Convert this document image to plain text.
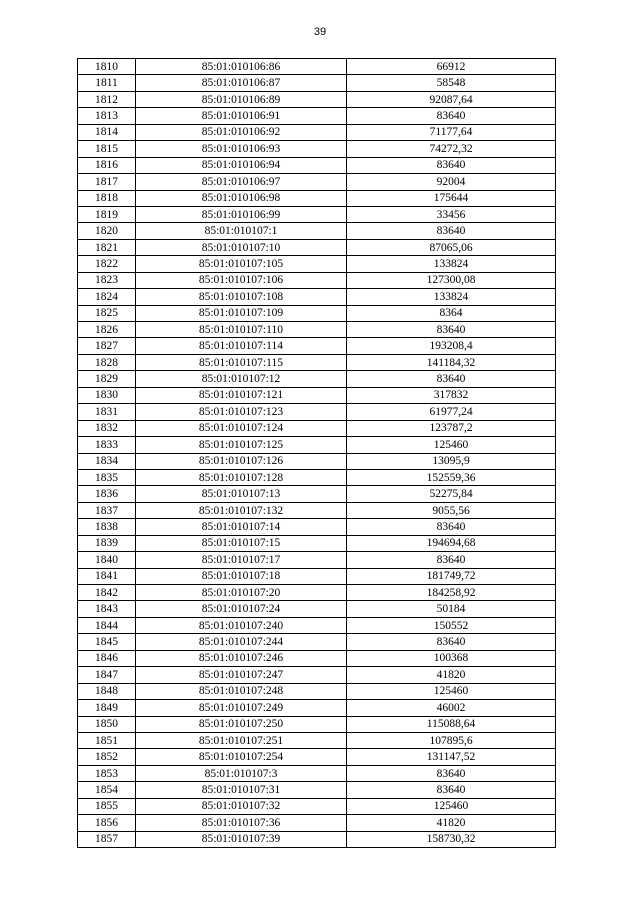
39
1810	85:01:010106:86	66912
1811	85:01:010106:87	58548
1812	85:01:010106:89	92087,64
1813	85:01:010106:91	83640
1814	85:01:010106:92	71177,64
1815	85:01:010106:93	74272,32
1816	85:01:010106:94	83640
1817	85:01:010106:97	92004
1818	85:01:010106:98	175644
1819	85:01:010106:99	33456
1820	85:01:010107:1	83640
1821	85:01:010107:10	87065,06
1822	85:01:010107:105	133824
1823	85:01:010107:106	127300,08
1824	85:01:010107:108	133824
1825	85:01:010107:109	8364
1826	85:01:010107:110	83640
1827	85:01:010107:114	193208,4
1828	85:01:010107:115	141184,32
1829	85:01:010107:12	83640
1830	85:01:010107:121	317832
1831	85:01:010107:123	61977,24
1832	85:01:010107:124	123787,2
1833	85:01:010107:125	125460
1834	85:01:010107:126	13095,9
1835	85:01:010107:128	152559,36
1836	85:01:010107:13	52275,84
1837	85:01:010107:132	9055,56
1838	85:01:010107:14	83640
1839	85:01:010107:15	194694,68
1840	85:01:010107:17	83640
1841	85:01:010107:18	181749,72
1842	85:01:010107:20	184258,92
1843	85:01:010107:24	50184
1844	85:01:010107:240	150552
1845	85:01:010107:244	83640
1846	85:01:010107:246	100368
1847	85:01:010107:247	41820
1848	85:01:010107:248	125460
1849	85:01:010107:249	46002
1850	85:01:010107:250	115088,64
1851	85:01:010107:251	107895,6
1852	85:01:010107:254	131147,52
1853	85:01:010107:3	83640
1854	85:01:010107:31	83640
1855	85:01:010107:32	125460
1856	85:01:010107:36	41820
1857	85:01:010107:39	158730,32
